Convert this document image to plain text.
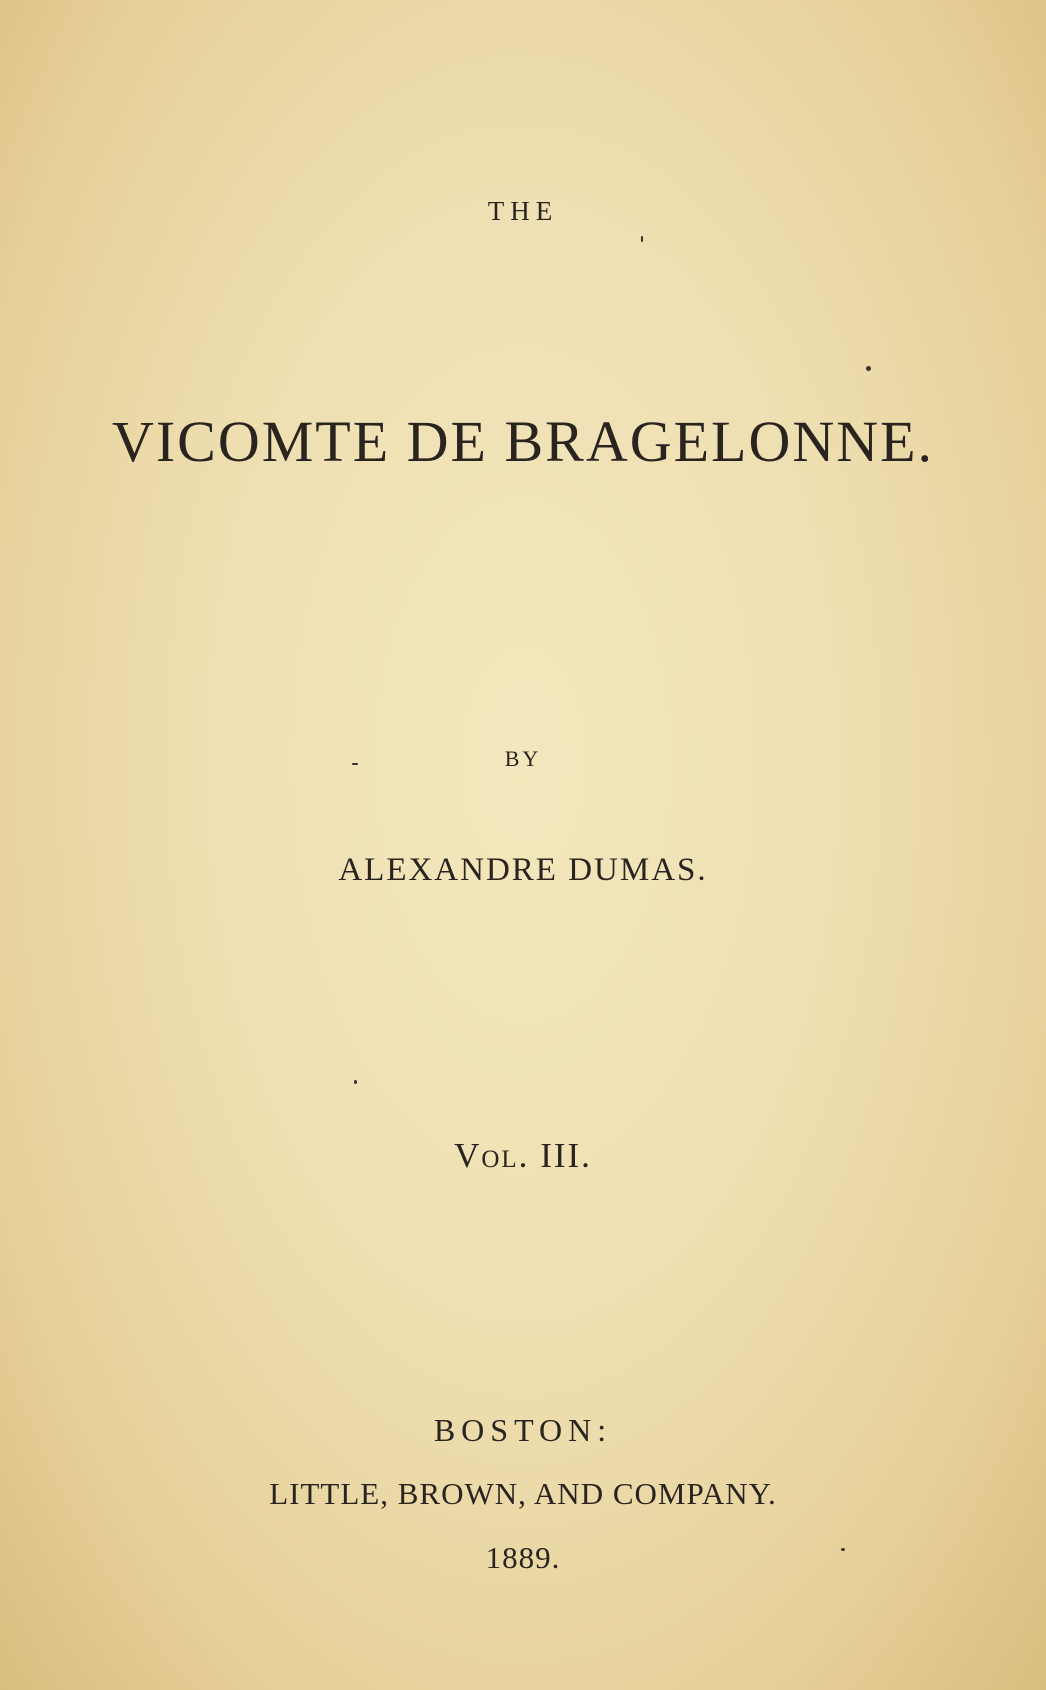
THE
VICOMTE DE BRAGELONNE.
BY
ALEXANDRE DUMAS.
Vol. III.
BOSTON:
LITTLE, BROWN, AND COMPANY.
1889.
